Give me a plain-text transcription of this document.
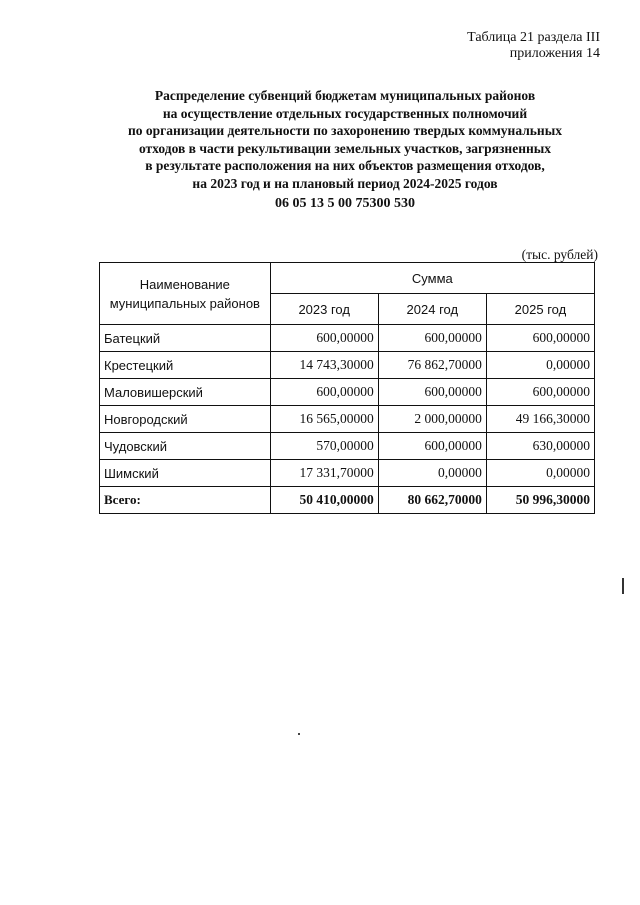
Таблица 21 раздела III
приложения 14
Распределение субвенций бюджетам муниципальных районов
на осуществление отдельных государственных полномочий
по организации деятельности по захоронению твердых коммунальных
отходов в части рекультивации земельных участков, загрязненных
в результате расположения на них объектов размещения отходов,
на 2023 год и на плановый период 2024-2025 годов
06 05 13 5 00 75300 530
(тыс. рублей)
Наименование муниципальных районов	Сумма		
	2023 год	2024 год	2025 год
Батецкий	600,00000	600,00000	600,00000
Крестецкий	14 743,30000	76 862,70000	0,00000
Маловишерский	600,00000	600,00000	600,00000
Новгородский	16 565,00000	2 000,00000	49 166,30000
Чудовский	570,00000	600,00000	630,00000
Шимский	17 331,70000	0,00000	0,00000
Всего:	50 410,00000	80 662,70000	50 996,30000
